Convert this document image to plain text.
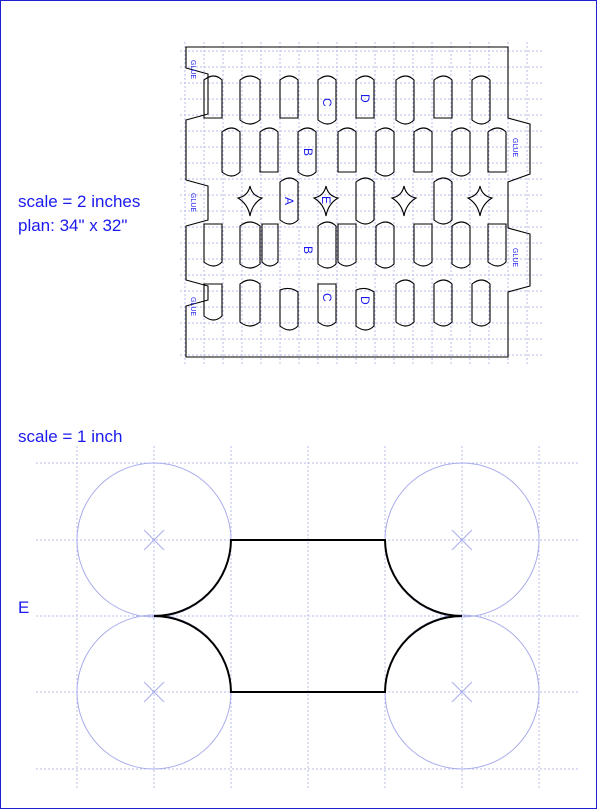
scale = 2 inches
plan: 34" x 32"
scale = 1 inch
E
GLUE
GLUE
GLUE
GLUE
GLUE
A
B
B
C
C
D
D
E
